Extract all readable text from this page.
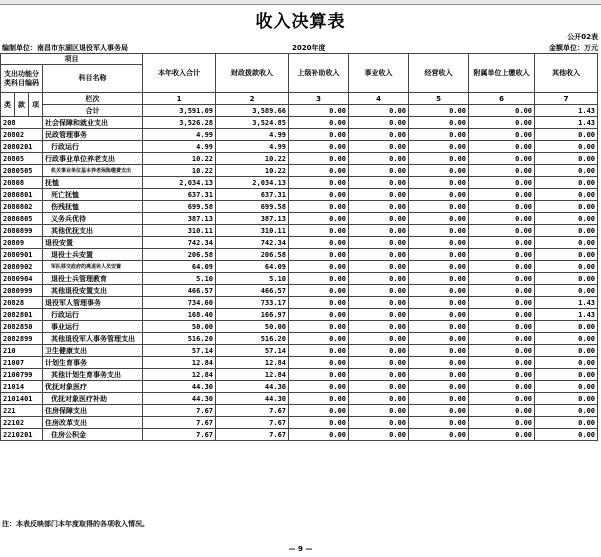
收入决算表
公开02表
编制单位：南昌市东湖区退役军人事务局	2020年度	金额单位：万元
项目				本年收入合计	财政拨款收入	上级补助收入	事业收入	经营收入	附属单位上缴收入	其他收入
支出功能分类科目编码			科目名称							
类	款	项	栏次	1	2	3	4	5	6	7
			合计	3,591.09	3,589.66	0.00	0.00	0.00	0.00	1.43
208			社会保障和就业支出	3,526.28	3,524.85	0.00	0.00	0.00	0.00	1.43
20802			民政管理事务	4.99	4.99	0.00	0.00	0.00	0.00	0.00
2080201			行政运行	4.99	4.99	0.00	0.00	0.00	0.00	0.00
20805			行政事业单位养老支出	10.22	10.22	0.00	0.00	0.00	0.00	0.00
2080505			机关事业单位基本养老保险缴费支出	10.22	10.22	0.00	0.00	0.00	0.00	0.00
20808			抚恤	2,034.13	2,034.13	0.00	0.00	0.00	0.00	0.00
2080801			死亡抚恤	637.31	637.31	0.00	0.00	0.00	0.00	0.00
2080802			伤残抚恤	699.58	699.58	0.00	0.00	0.00	0.00	0.00
2080805			义务兵优待	387.13	387.13	0.00	0.00	0.00	0.00	0.00
2080899			其他优抚支出	310.11	310.11	0.00	0.00	0.00	0.00	0.00
20809			退役安置	742.34	742.34	0.00	0.00	0.00	0.00	0.00
2080901			退役士兵安置	206.58	206.58	0.00	0.00	0.00	0.00	0.00
2080902			军队移交政府的离退休人员安置	64.09	64.09	0.00	0.00	0.00	0.00	0.00
2080904			退役士兵管理教育	5.10	5.10	0.00	0.00	0.00	0.00	0.00
2080999			其他退役安置支出	466.57	466.57	0.00	0.00	0.00	0.00	0.00
20828			退役军人管理事务	734.60	733.17	0.00	0.00	0.00	0.00	1.43
2082801			行政运行	168.40	166.97	0.00	0.00	0.00	0.00	1.43
2082850			事业运行	50.00	50.00	0.00	0.00	0.00	0.00	0.00
2082899			其他退役军人事务管理支出	516.20	516.20	0.00	0.00	0.00	0.00	0.00
210			卫生健康支出	57.14	57.14	0.00	0.00	0.00	0.00	0.00
21007			计划生育事务	12.84	12.84	0.00	0.00	0.00	0.00	0.00
2100799			其他计划生育事务支出	12.84	12.84	0.00	0.00	0.00	0.00	0.00
21014			优抚对象医疗	44.30	44.30	0.00	0.00	0.00	0.00	0.00
2101401			优抚对象医疗补助	44.30	44.30	0.00	0.00	0.00	0.00	0.00
221			住房保障支出	7.67	7.67	0.00	0.00	0.00	0.00	0.00
22102			住房改革支出	7.67	7.67	0.00	0.00	0.00	0.00	0.00
2210201			住房公积金	7.67	7.67	0.00	0.00	0.00	0.00	0.00
注：本表反映部门本年度取得的各项收入情况。
— 9 —
